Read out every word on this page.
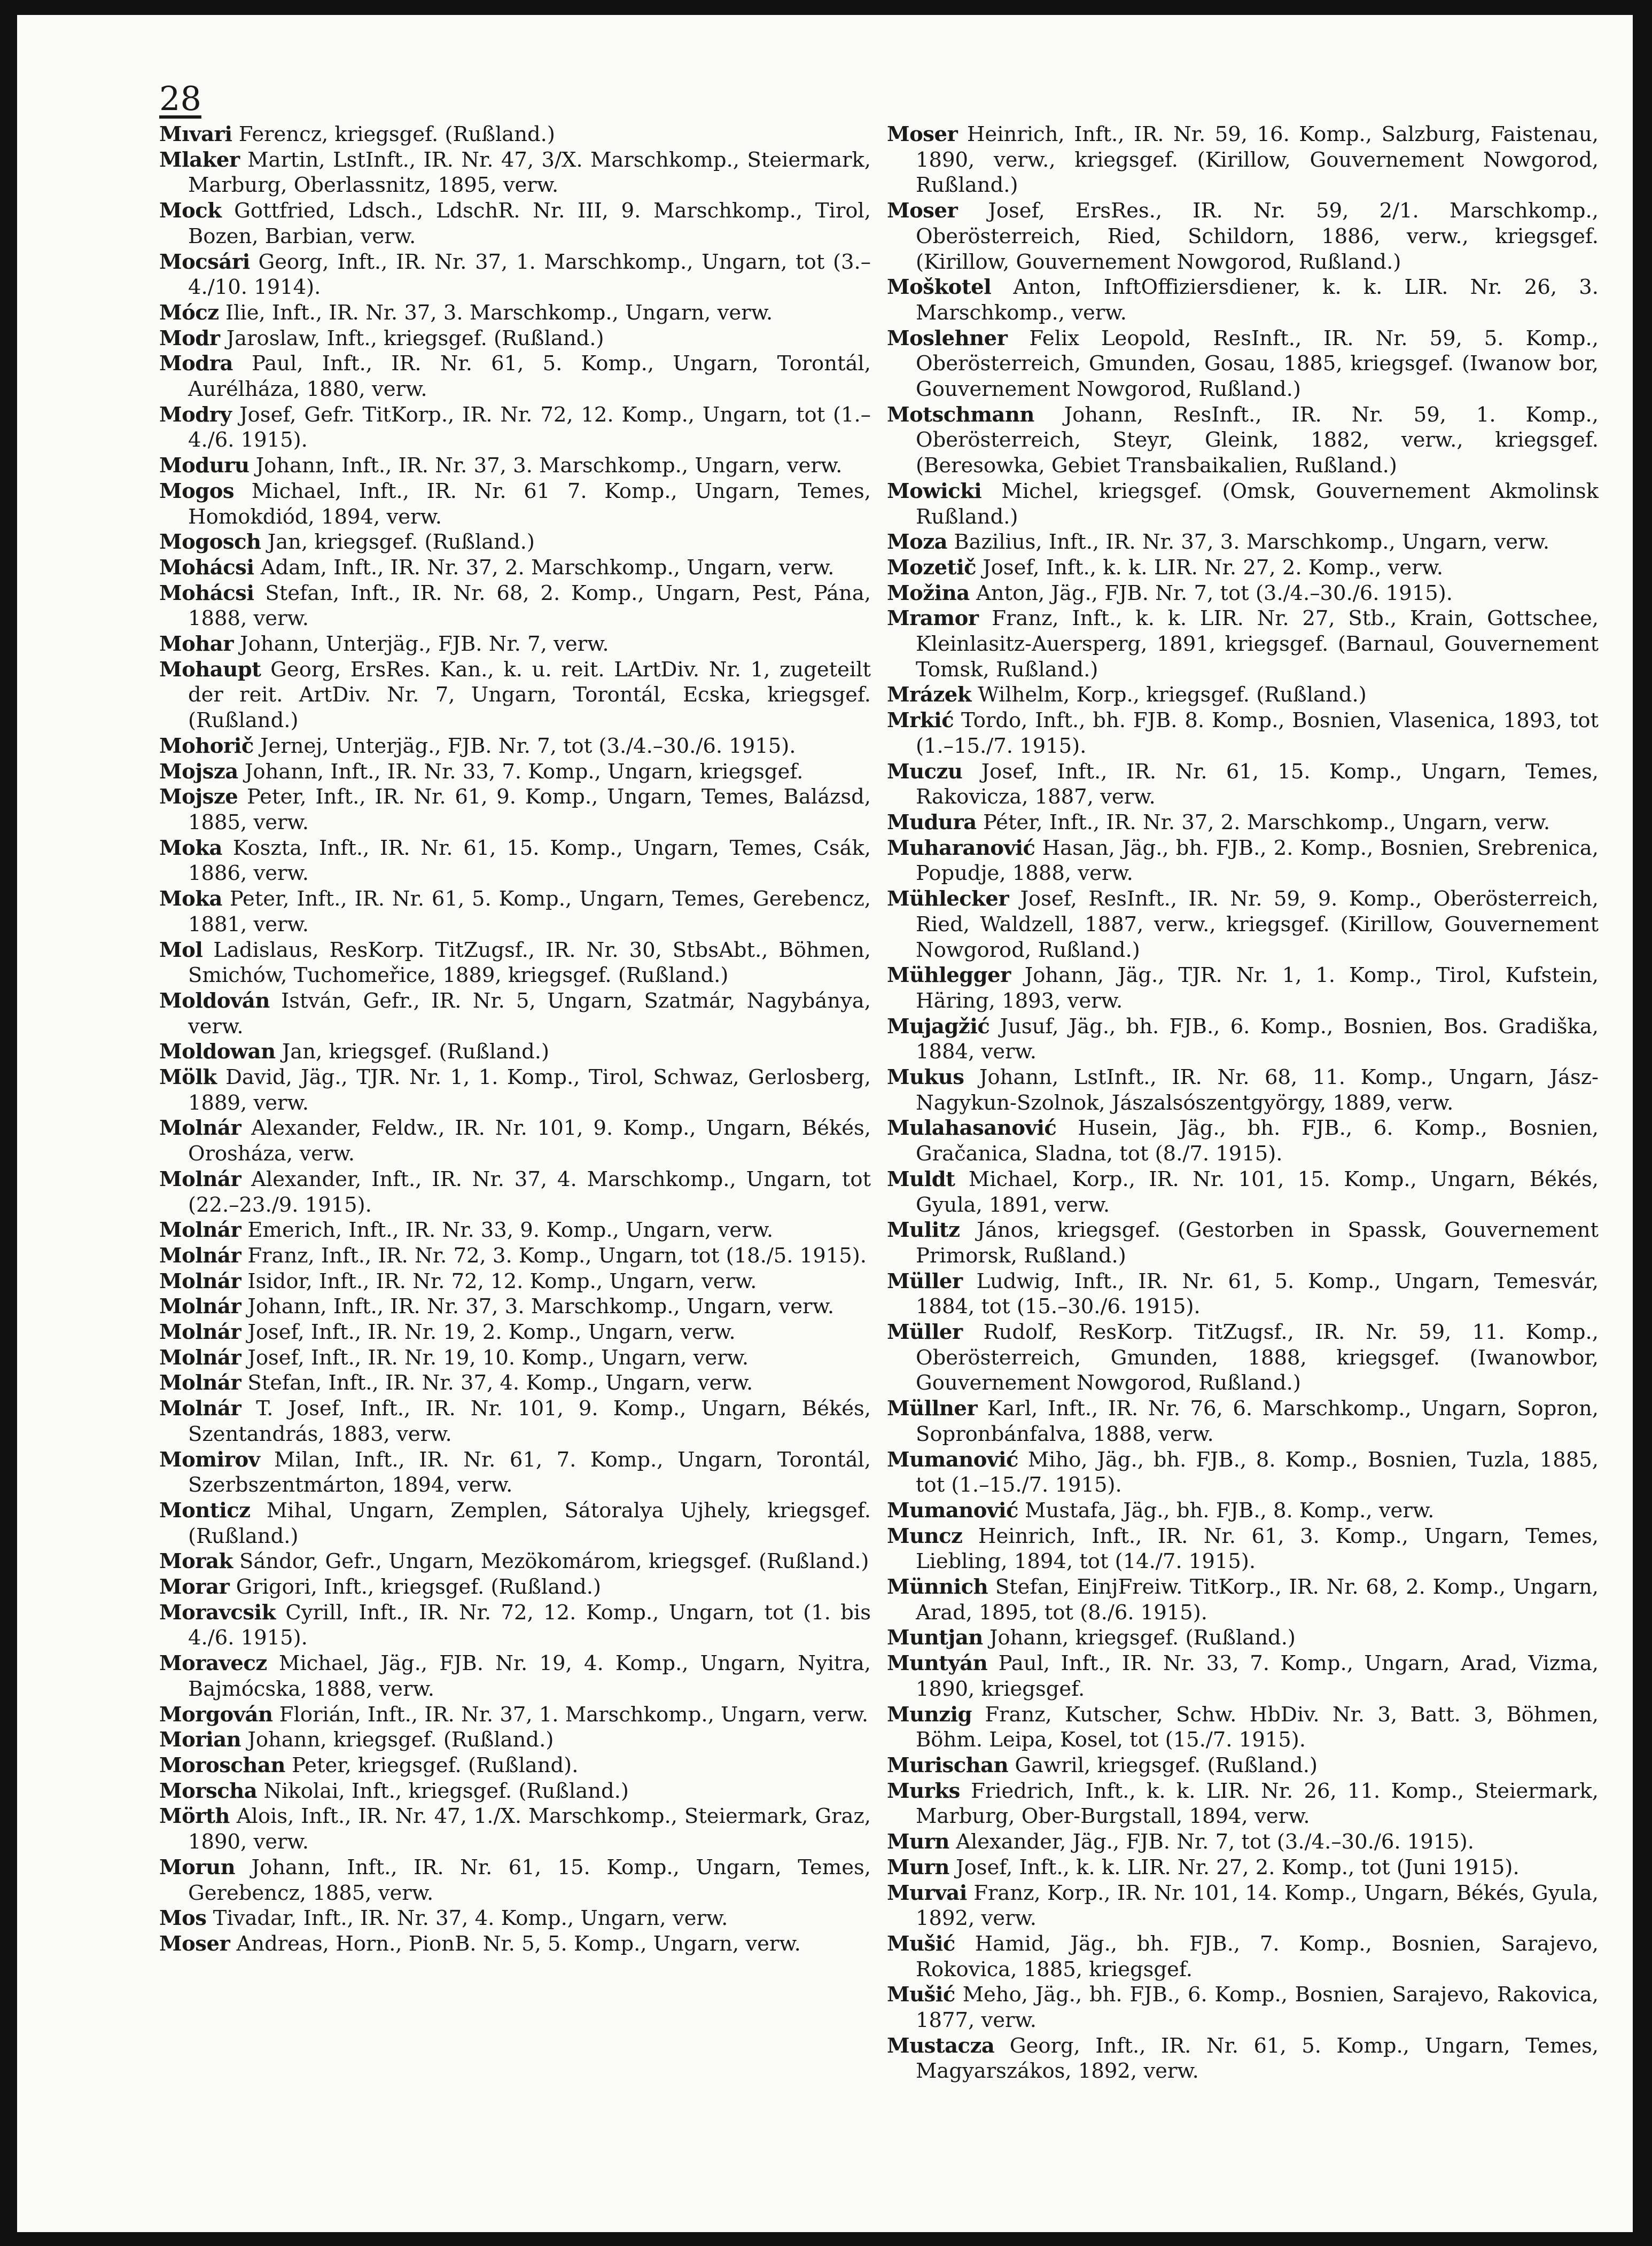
28
Mıvari Ferencz, kriegsgef. (Rußland.)
Mlaker Martin, LstInft., IR. Nr. 47, 3/X. Marschkomp., Steiermark, Marburg, Oberlassnitz, 1895, verw.
Mock Gottfried, Ldsch., LdschR. Nr. III, 9. Marschkomp., Tirol, Bozen, Barbian, verw.
Mocsári Georg, Inft., IR. Nr. 37, 1. Marschkomp., Ungarn, tot (3.–4./10. 1914).
Mócz Ilie, Inft., IR. Nr. 37, 3. Marschkomp., Ungarn, verw.
Modr Jaroslaw, Inft., kriegsgef. (Rußland.)
Modra Paul, Inft., IR. Nr. 61, 5. Komp., Ungarn, Torontál, Aurélháza, 1880, verw.
Modry Josef, Gefr. TitKorp., IR. Nr. 72, 12. Komp., Ungarn, tot (1.–4./6. 1915).
Moduru Johann, Inft., IR. Nr. 37, 3. Marschkomp., Ungarn, verw.
Mogos Michael, Inft., IR. Nr. 61 7. Komp., Ungarn, Temes, Homokdiód, 1894, verw.
Mogosch Jan, kriegsgef. (Rußland.)
Mohácsi Adam, Inft., IR. Nr. 37, 2. Marschkomp., Ungarn, verw.
Mohácsi Stefan, Inft., IR. Nr. 68, 2. Komp., Ungarn, Pest, Pána, 1888, verw.
Mohar Johann, Unterjäg., FJB. Nr. 7, verw.
Mohaupt Georg, ErsRes. Kan., k. u. reit. LArtDiv. Nr. 1, zugeteilt der reit. ArtDiv. Nr. 7, Ungarn, Torontál, Ecska, kriegsgef. (Rußland.)
Mohorič Jernej, Unterjäg., FJB. Nr. 7, tot (3./4.–30./6. 1915).
Mojsza Johann, Inft., IR. Nr. 33, 7. Komp., Ungarn, kriegsgef.
Mojsze Peter, Inft., IR. Nr. 61, 9. Komp., Ungarn, Temes, Balázsd, 1885, verw.
Moka Koszta, Inft., IR. Nr. 61, 15. Komp., Ungarn, Temes, Csák, 1886, verw.
Moka Peter, Inft., IR. Nr. 61, 5. Komp., Ungarn, Temes, Gerebencz, 1881, verw.
Mol Ladislaus, ResKorp. TitZugsf., IR. Nr. 30, StbsAbt., Böhmen, Smichów, Tuchomeřice, 1889, kriegsgef. (Rußland.)
Moldován István, Gefr., IR. Nr. 5, Ungarn, Szatmár, Nagybánya, verw.
Moldowan Jan, kriegsgef. (Rußland.)
Mölk David, Jäg., TJR. Nr. 1, 1. Komp., Tirol, Schwaz, Gerlosberg, 1889, verw.
Molnár Alexander, Feldw., IR. Nr. 101, 9. Komp., Ungarn, Békés, Orosháza, verw.
Molnár Alexander, Inft., IR. Nr. 37, 4. Marschkomp., Ungarn, tot (22.–23./9. 1915).
Molnár Emerich, Inft., IR. Nr. 33, 9. Komp., Ungarn, verw.
Molnár Franz, Inft., IR. Nr. 72, 3. Komp., Ungarn, tot (18./5. 1915).
Molnár Isidor, Inft., IR. Nr. 72, 12. Komp., Ungarn, verw.
Molnár Johann, Inft., IR. Nr. 37, 3. Marschkomp., Ungarn, verw.
Molnár Josef, Inft., IR. Nr. 19, 2. Komp., Ungarn, verw.
Molnár Josef, Inft., IR. Nr. 19, 10. Komp., Ungarn, verw.
Molnár Stefan, Inft., IR. Nr. 37, 4. Komp., Ungarn, verw.
Molnár T. Josef, Inft., IR. Nr. 101, 9. Komp., Ungarn, Békés, Szentandrás, 1883, verw.
Momirov Milan, Inft., IR. Nr. 61, 7. Komp., Ungarn, Torontál, Szerbszentmárton, 1894, verw.
Monticz Mihal, Ungarn, Zemplen, Sátoralya Ujhely, kriegsgef. (Rußland.)
Morak Sándor, Gefr., Ungarn, Mezökomárom, kriegsgef. (Rußland.)
Morar Grigori, Inft., kriegsgef. (Rußland.)
Moravcsik Cyrill, Inft., IR. Nr. 72, 12. Komp., Ungarn, tot (1. bis 4./6. 1915).
Moravecz Michael, Jäg., FJB. Nr. 19, 4. Komp., Ungarn, Nyitra, Bajmócska, 1888, verw.
Morgován Florián, Inft., IR. Nr. 37, 1. Marschkomp., Ungarn, verw.
Morian Johann, kriegsgef. (Rußland.)
Moroschan Peter, kriegsgef. (Rußland).
Morscha Nikolai, Inft., kriegsgef. (Rußland.)
Mörth Alois, Inft., IR. Nr. 47, 1./X. Marschkomp., Steiermark, Graz, 1890, verw.
Morun Johann, Inft., IR. Nr. 61, 15. Komp., Ungarn, Temes, Gerebencz, 1885, verw.
Mos Tivadar, Inft., IR. Nr. 37, 4. Komp., Ungarn, verw.
Moser Andreas, Horn., PionB. Nr. 5, 5. Komp., Ungarn, verw.
Moser Heinrich, Inft., IR. Nr. 59, 16. Komp., Salzburg, Faistenau, 1890, verw., kriegsgef. (Kirillow, Gouvernement Nowgorod, Rußland.)
Moser Josef, ErsRes., IR. Nr. 59, 2/1. Marschkomp., Oberösterreich, Ried, Schildorn, 1886, verw., kriegsgef. (Kirillow, Gouvernement Nowgorod, Rußland.)
Moškotel Anton, InftOffiziersdiener, k. k. LIR. Nr. 26, 3. Marschkomp., verw.
Moslehner Felix Leopold, ResInft., IR. Nr. 59, 5. Komp., Oberösterreich, Gmunden, Gosau, 1885, kriegsgef. (Iwanow bor, Gouvernement Nowgorod, Rußland.)
Motschmann Johann, ResInft., IR. Nr. 59, 1. Komp., Oberösterreich, Steyr, Gleink, 1882, verw., kriegsgef. (Beresowka, Gebiet Transbaikalien, Rußland.)
Mowicki Michel, kriegsgef. (Omsk, Gouvernement Akmolinsk Rußland.)
Moza Bazilius, Inft., IR. Nr. 37, 3. Marschkomp., Ungarn, verw.
Mozetič Josef, Inft., k. k. LIR. Nr. 27, 2. Komp., verw.
Možina Anton, Jäg., FJB. Nr. 7, tot (3./4.–30./6. 1915).
Mramor Franz, Inft., k. k. LIR. Nr. 27, Stb., Krain, Gottschee, Kleinlasitz-Auersperg, 1891, kriegsgef. (Barnaul, Gouvernement Tomsk, Rußland.)
Mrázek Wilhelm, Korp., kriegsgef. (Rußland.)
Mrkić Tordo, Inft., bh. FJB. 8. Komp., Bosnien, Vlasenica, 1893, tot (1.–15./7. 1915).
Muczu Josef, Inft., IR. Nr. 61, 15. Komp., Ungarn, Temes, Rakovicza, 1887, verw.
Mudura Péter, Inft., IR. Nr. 37, 2. Marschkomp., Ungarn, verw.
Muharanović Hasan, Jäg., bh. FJB., 2. Komp., Bosnien, Srebrenica, Popudje, 1888, verw.
Mühlecker Josef, ResInft., IR. Nr. 59, 9. Komp., Oberösterreich, Ried, Waldzell, 1887, verw., kriegsgef. (Kirillow, Gouvernement Nowgorod, Rußland.)
Mühlegger Johann, Jäg., TJR. Nr. 1, 1. Komp., Tirol, Kufstein, Häring, 1893, verw.
Mujagžić Jusuf, Jäg., bh. FJB., 6. Komp., Bosnien, Bos. Gradiška, 1884, verw.
Mukus Johann, LstInft., IR. Nr. 68, 11. Komp., Ungarn, Jász-Nagykun-Szolnok, Jászalsószentgyörgy, 1889, verw.
Mulahasanović Husein, Jäg., bh. FJB., 6. Komp., Bosnien, Gračanica, Sladna, tot (8./7. 1915).
Muldt Michael, Korp., IR. Nr. 101, 15. Komp., Ungarn, Békés, Gyula, 1891, verw.
Mulitz János, kriegsgef. (Gestorben in Spassk, Gouvernement Primorsk, Rußland.)
Müller Ludwig, Inft., IR. Nr. 61, 5. Komp., Ungarn, Temesvár, 1884, tot (15.–30./6. 1915).
Müller Rudolf, ResKorp. TitZugsf., IR. Nr. 59, 11. Komp., Oberösterreich, Gmunden, 1888, kriegsgef. (Iwanowbor, Gouvernement Nowgorod, Rußland.)
Müllner Karl, Inft., IR. Nr. 76, 6. Marschkomp., Ungarn, Sopron, Sopronbánfalva, 1888, verw.
Mumanović Miho, Jäg., bh. FJB., 8. Komp., Bosnien, Tuzla, 1885, tot (1.–15./7. 1915).
Mumanović Mustafa, Jäg., bh. FJB., 8. Komp., verw.
Muncz Heinrich, Inft., IR. Nr. 61, 3. Komp., Ungarn, Temes, Liebling, 1894, tot (14./7. 1915).
Münnich Stefan, EinjFreiw. TitKorp., IR. Nr. 68, 2. Komp., Ungarn, Arad, 1895, tot (8./6. 1915).
Muntjan Johann, kriegsgef. (Rußland.)
Muntyán Paul, Inft., IR. Nr. 33, 7. Komp., Ungarn, Arad, Vizma, 1890, kriegsgef.
Munzig Franz, Kutscher, Schw. HbDiv. Nr. 3, Batt. 3, Böhmen, Böhm. Leipa, Kosel, tot (15./7. 1915).
Murischan Gawril, kriegsgef. (Rußland.)
Murks Friedrich, Inft., k. k. LIR. Nr. 26, 11. Komp., Steiermark, Marburg, Ober-Burgstall, 1894, verw.
Murn Alexander, Jäg., FJB. Nr. 7, tot (3./4.–30./6. 1915).
Murn Josef, Inft., k. k. LIR. Nr. 27, 2. Komp., tot (Juni 1915).
Murvai Franz, Korp., IR. Nr. 101, 14. Komp., Ungarn, Békés, Gyula, 1892, verw.
Mušić Hamid, Jäg., bh. FJB., 7. Komp., Bosnien, Sarajevo, Rokovica, 1885, kriegsgef.
Mušić Meho, Jäg., bh. FJB., 6. Komp., Bosnien, Sarajevo, Rakovica, 1877, verw.
Mustacza Georg, Inft., IR. Nr. 61, 5. Komp., Ungarn, Temes, Magyarszákos, 1892, verw.
